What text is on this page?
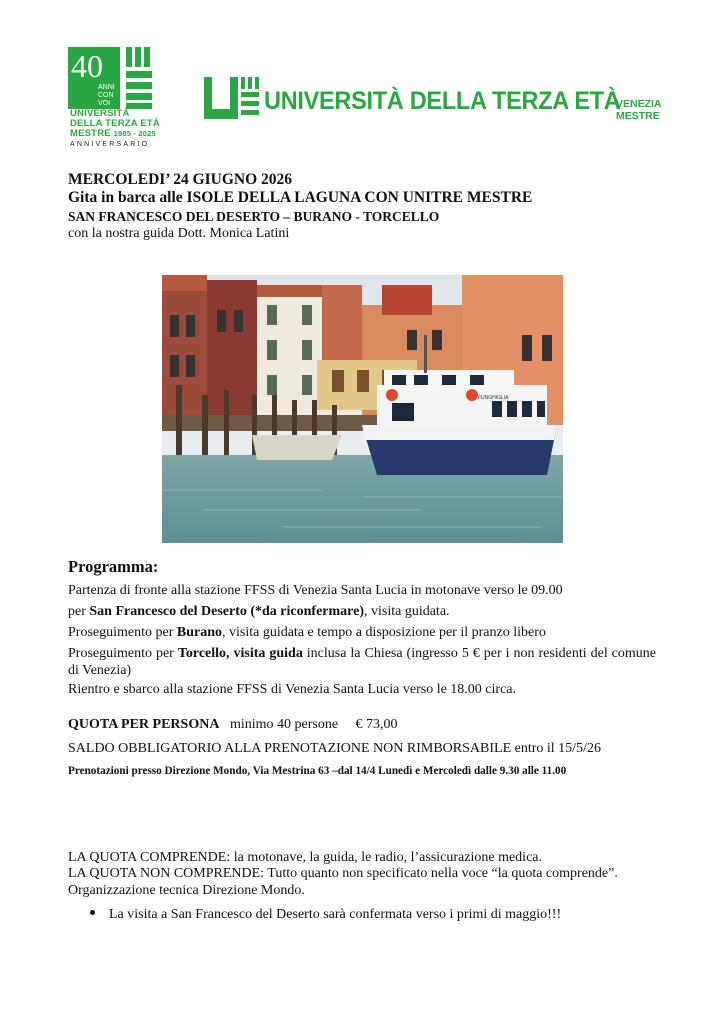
40
ANNI
CON
VOI
UNIVERSITÀ
DELLA TERZA ETÀ
MESTRE 1985 - 2025
ANNIVERSARIO
UNIVERSITÀ DELLA TERZA ETÀ
VENEZIA
MESTRE
MERCOLEDI’ 24 GIUGNO 2026
Gita in barca alle ISOLE DELLA LAGUNA CON UNITRE MESTRE
SAN FRANCESCO DEL DESERTO – BURANO - TORCELLO
con la nostra guida Dott. Monica Latini
FUNGHIGLIA
Programma:
Partenza di fronte alla stazione FFSS di Venezia Santa Lucia in motonave verso le 09.00
per San Francesco del Deserto (*da riconfermare), visita guidata.
Proseguimento per Burano, visita guidata e tempo a disposizione per il pranzo libero
Proseguimento per Torcello, visita guida inclusa la Chiesa (ingresso 5 € per i non residenti del comune di Venezia)
Rientro e sbarco alla stazione FFSS di Venezia Santa Lucia verso le 18.00 circa.
QUOTA PER PERSONA minimo 40 persone € 73,00
SALDO OBBLIGATORIO ALLA PRENOTAZIONE NON RIMBORSABILE entro il 15/5/26
Prenotazioni presso Direzione Mondo, Via Mestrina 63 –dal 14/4 Lunedì e Mercoledì dalle 9.30 alle 11.00
LA QUOTA COMPRENDE: la motonave, la guida, le radio, l’assicurazione medica.
LA QUOTA NON COMPRENDE: Tutto quanto non specificato nella voce “la quota comprende”.
Organizzazione tecnica Direzione Mondo.
La visita a San Francesco del Deserto sarà confermata verso i primi di maggio!!!
